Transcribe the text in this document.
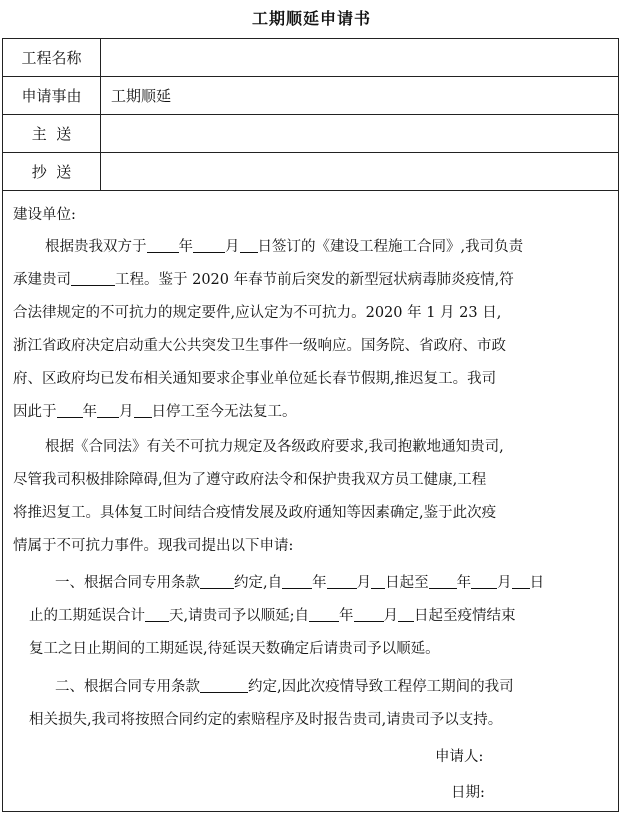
工期顺延申请书
工程名称
申请事由	工期顺延
主  送
抄  送
建设单位:
根据贵我双方于 年 月 日签订的《建设工程施工合同》,我司负责
承建贵司	工程。鉴于 2020 年春节前后突发的新型冠状病毒肺炎疫情,符
合法律规定的不可抗力的规定要件,应认定为不可抗力。2020 年 1 月 23 日,
浙江省政府决定启动重大公共突发卫生事件一级响应。国务院、省政府、市政
府、区政府均已发布相关通知要求企事业单位延长春节假期,推迟复工。我司
因此于 年 月 日停工至今无法复工。
根据《合同法》有关不可抗力规定及各级政府要求,我司抱歉地通知贵司,
尽管我司积极排除障碍,但为了遵守政府法令和保护贵我双方员工健康,工程
将推迟复工。具体复工时间结合疫情发展及政府通知等因素确定,鉴于此次疫
情属于不可抗力事件。现我司提出以下申请:
一、根据合同专用条款 约定,自 年 月 日起至 年 月 日
止的工期延误合计 天,请贵司予以顺延;自 年 月 日起至疫情结束
复工之日止期间的工期延误,待延误天数确定后请贵司予以顺延。
二、根据合同专用条款	约定,因此次疫情导致工程停工期间的我司
相关损失,我司将按照合同约定的索赔程序及时报告贵司,请贵司予以支持。
申请人:
日期:
